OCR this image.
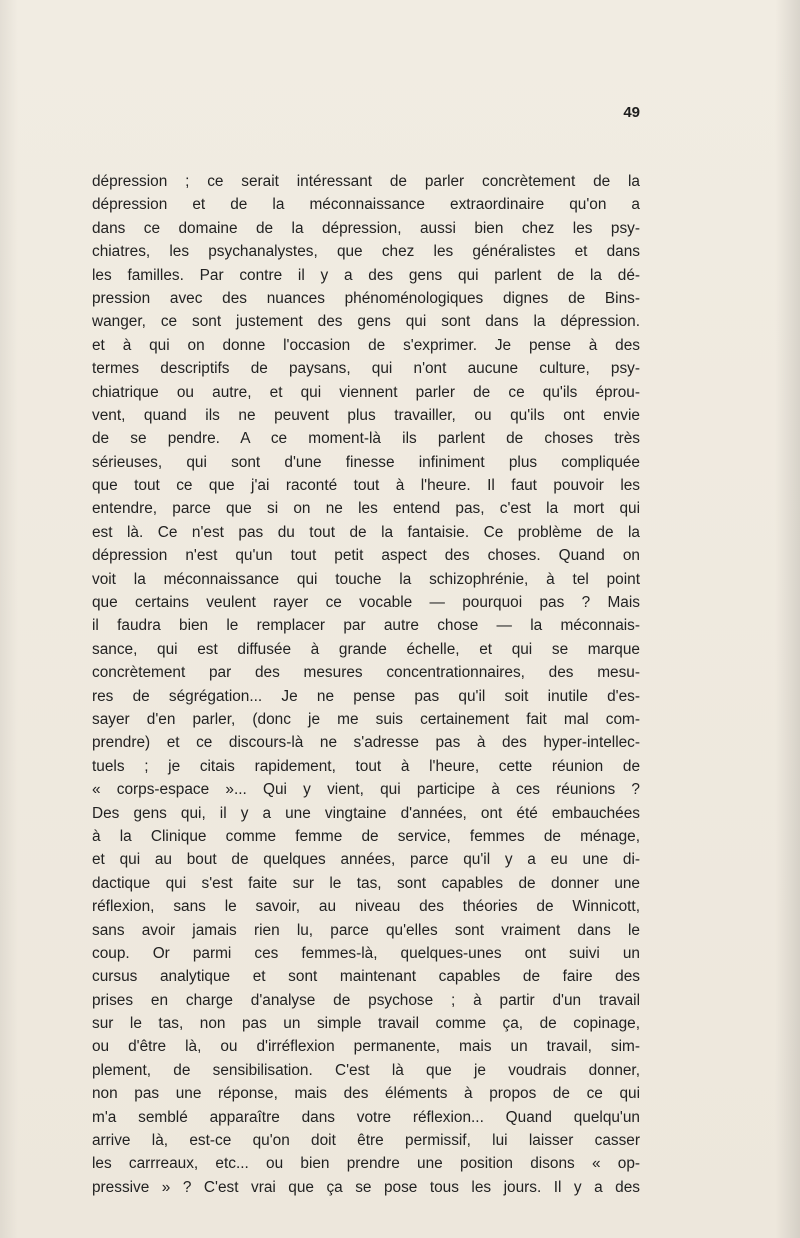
49
dépression ; ce serait intéressant de parler concrètement de la
dépression et de la méconnaissance extraordinaire qu'on a
dans ce domaine de la dépression, aussi bien chez les psy-
chiatres, les psychanalystes, que chez les généralistes et dans
les familles. Par contre il y a des gens qui parlent de la dé-
pression avec des nuances phénoménologiques dignes de Bins-
wanger, ce sont justement des gens qui sont dans la dépression.
et à qui on donne l'occasion de s'exprimer. Je pense à des
termes descriptifs de paysans, qui n'ont aucune culture, psy-
chiatrique ou autre, et qui viennent parler de ce qu'ils éprou-
vent, quand ils ne peuvent plus travailler, ou qu'ils ont envie
de se pendre. A ce moment-là ils parlent de choses très
sérieuses, qui sont d'une finesse infiniment plus compliquée
que tout ce que j'ai raconté tout à l'heure. Il faut pouvoir les
entendre, parce que si on ne les entend pas, c'est la mort qui
est là. Ce n'est pas du tout de la fantaisie. Ce problème de la
dépression n'est qu'un tout petit aspect des choses. Quand on
voit la méconnaissance qui touche la schizophrénie, à tel point
que certains veulent rayer ce vocable — pourquoi pas ? Mais
il faudra bien le remplacer par autre chose — la méconnais-
sance, qui est diffusée à grande échelle, et qui se marque
concrètement par des mesures concentrationnaires, des mesu-
res de ségrégation... Je ne pense pas qu'il soit inutile d'es-
sayer d'en parler, (donc je me suis certainement fait mal com-
prendre) et ce discours-là ne s'adresse pas à des hyper-intellec-
tuels ; je citais rapidement, tout à l'heure, cette réunion de
« corps-espace »... Qui y vient, qui participe à ces réunions ?
Des gens qui, il y a une vingtaine d'années, ont été embauchées
à la Clinique comme femme de service, femmes de ménage,
et qui au bout de quelques années, parce qu'il y a eu une di-
dactique qui s'est faite sur le tas, sont capables de donner une
réflexion, sans le savoir, au niveau des théories de Winnicott,
sans avoir jamais rien lu, parce qu'elles sont vraiment dans le
coup. Or parmi ces femmes-là, quelques-unes ont suivi un
cursus analytique et sont maintenant capables de faire des
prises en charge d'analyse de psychose ; à partir d'un travail
sur le tas, non pas un simple travail comme ça, de copinage,
ou d'être là, ou d'irréflexion permanente, mais un travail, sim-
plement, de sensibilisation. C'est là que je voudrais donner,
non pas une réponse, mais des éléments à propos de ce qui
m'a semblé apparaître dans votre réflexion... Quand quelqu'un
arrive là, est-ce qu'on doit être permissif, lui laisser casser
les carrreaux, etc... ou bien prendre une position disons « op-
pressive » ? C'est vrai que ça se pose tous les jours. Il y a des
